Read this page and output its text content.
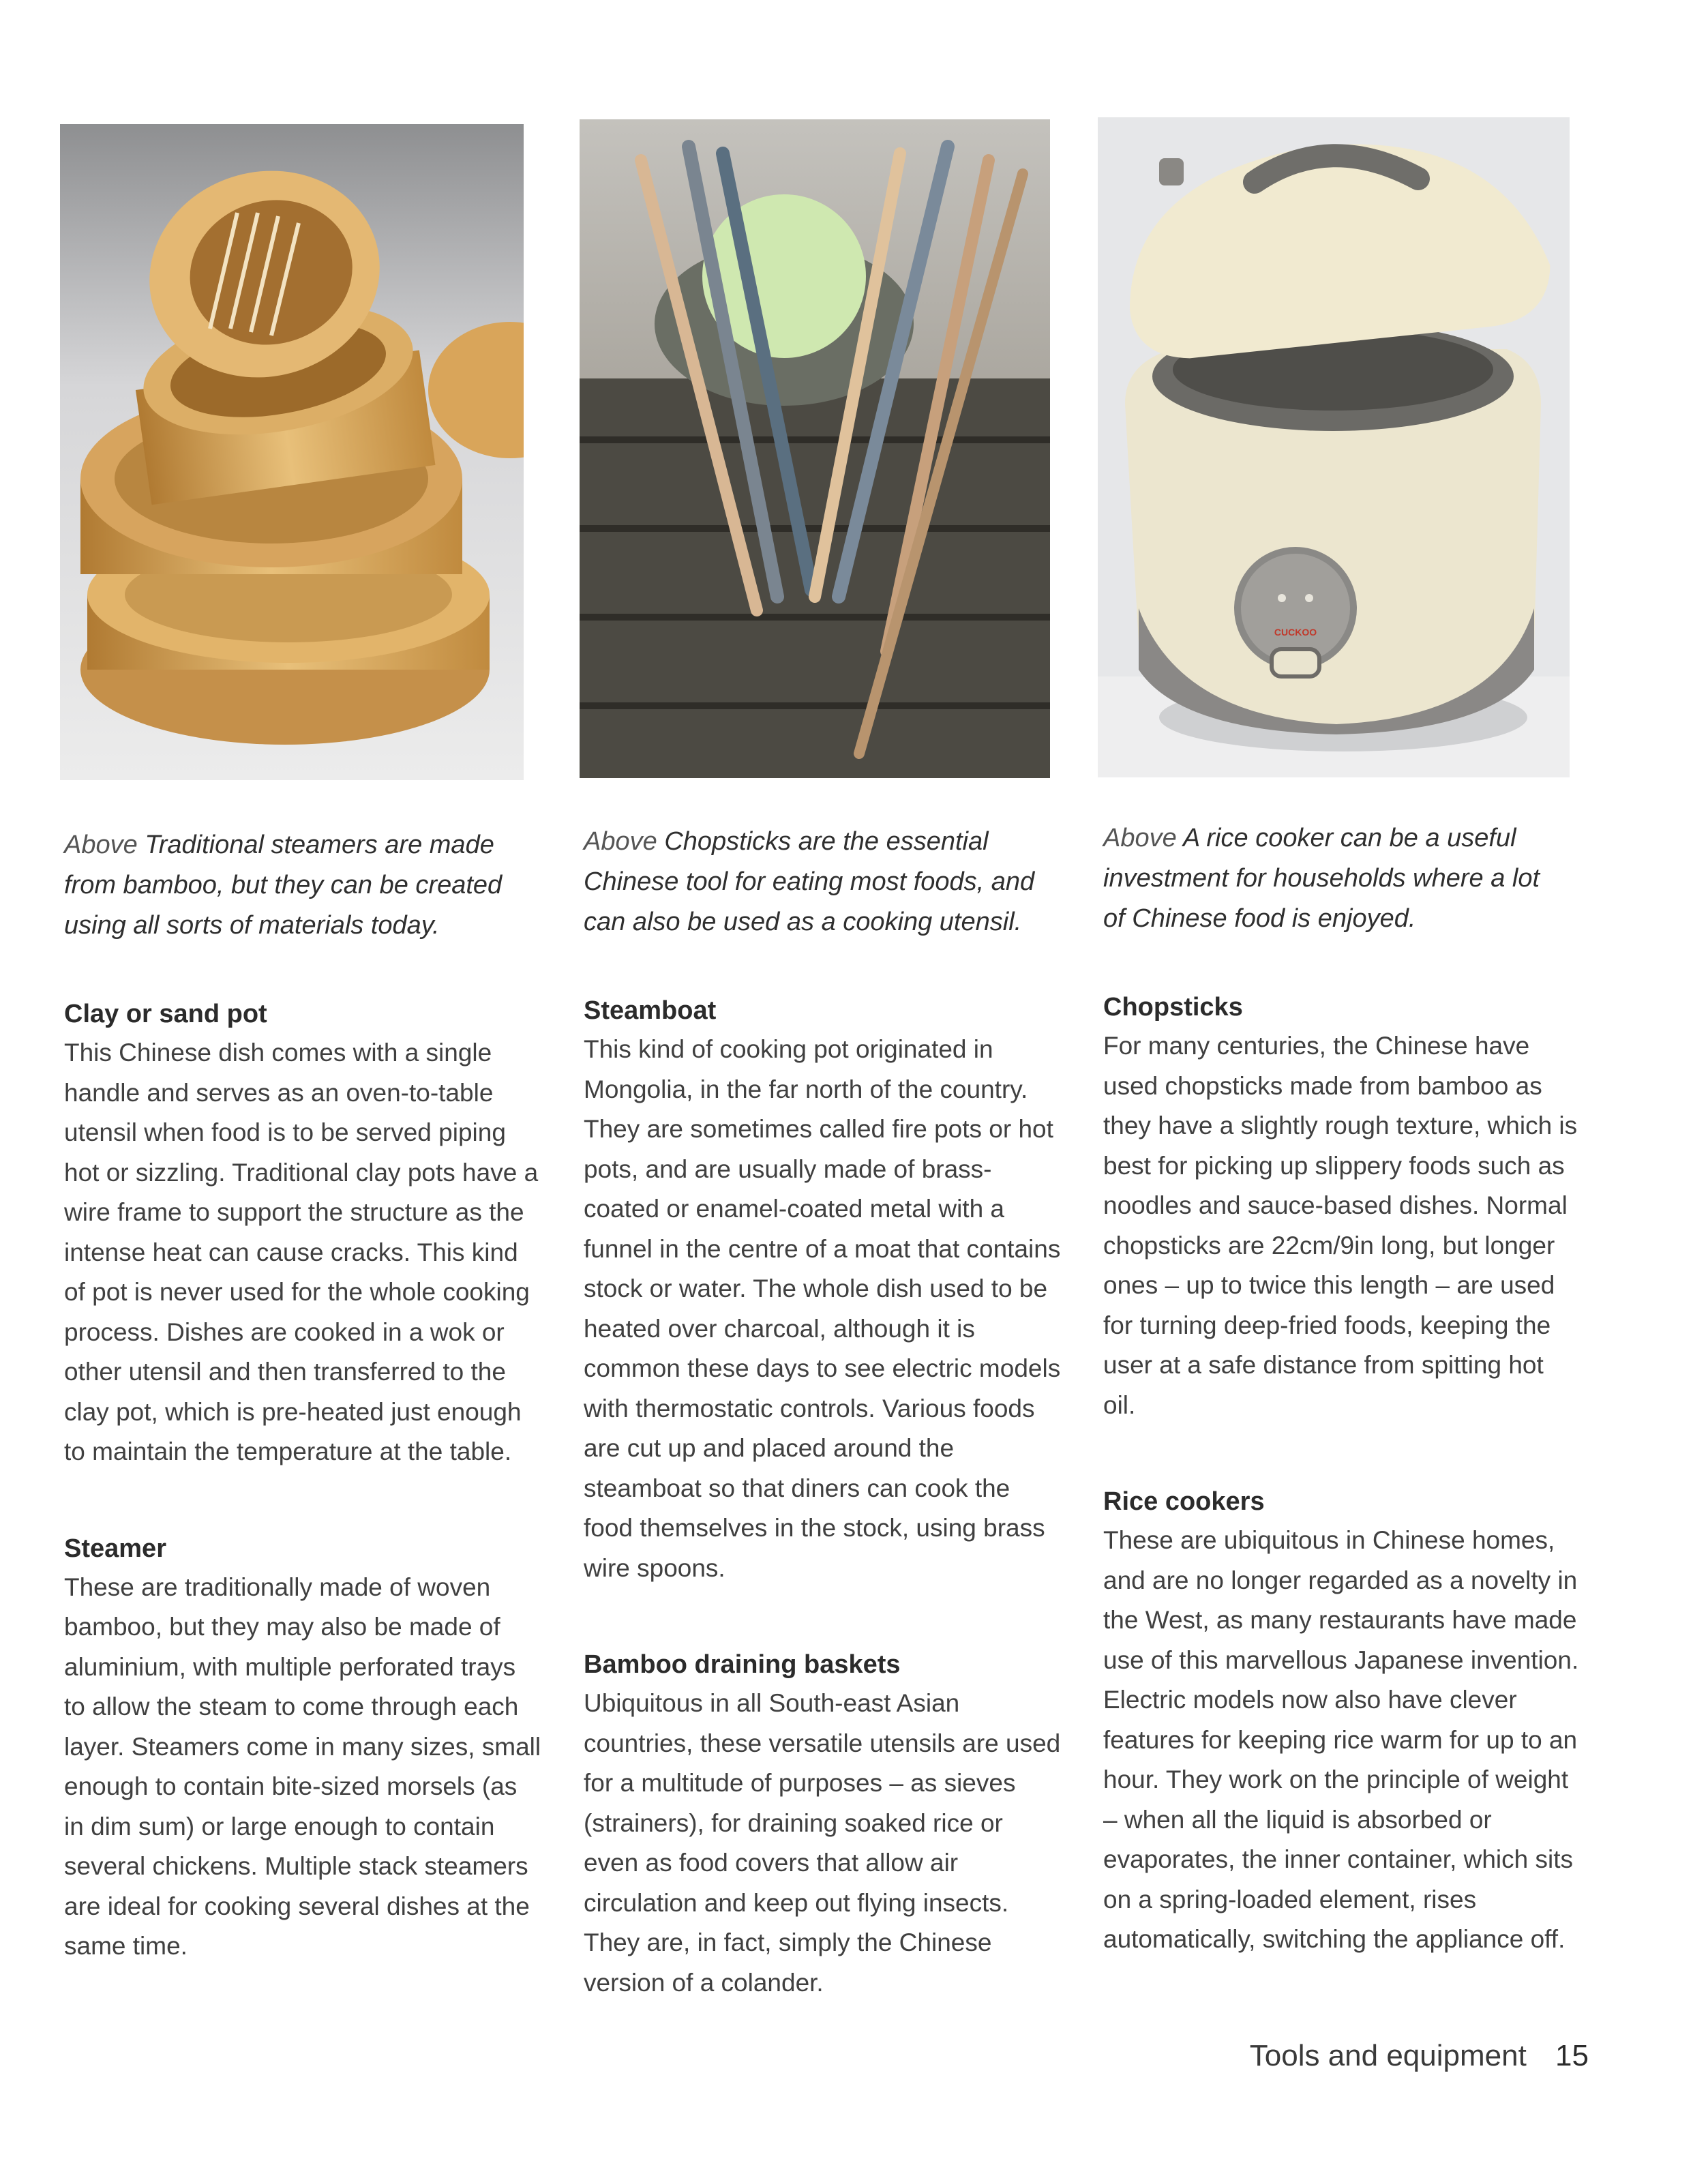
CUCKOO

Above Traditional steamers are made from bamboo, but they can be created using all sorts of materials today.

Clay or sand pot

This Chinese dish comes with a single handle and serves as an oven-to-table utensil when food is to be served piping hot or sizzling. Traditional clay pots have a wire frame to support the structure as the intense heat can cause cracks. This kind of pot is never used for the whole cooking process. Dishes are cooked in a wok or other utensil and then transferred to the clay pot, which is pre-heated just enough to maintain the temperature at the table.

Steamer

These are traditionally made of woven bamboo, but they may also be made of aluminium, with multiple perforated trays to allow the steam to come through each layer. Steamers come in many sizes, small enough to contain bite-sized morsels (as in dim sum) or large enough to contain several chickens. Multiple stack steamers are ideal for cooking several dishes at the same time.

Above Chopsticks are the essential Chinese tool for eating most foods, and can also be used as a cooking utensil.

Steamboat

This kind of cooking pot originated in Mongolia, in the far north of the country. They are sometimes called fire pots or hot pots, and are usually made of brass-coated or enamel-coated metal with a funnel in the centre of a moat that contains stock or water. The whole dish used to be heated over charcoal, although it is common these days to see electric models with thermostatic controls. Various foods are cut up and placed around the steamboat so that diners can cook the food themselves in the stock, using brass wire spoons.

Bamboo draining baskets

Ubiquitous in all South-east Asian countries, these versatile utensils are used for a multitude of purposes – as sieves (strainers), for draining soaked rice or even as food covers that allow air circulation and keep out flying insects. They are, in fact, simply the Chinese version of a colander.

Above A rice cooker can be a useful investment for households where a lot of Chinese food is enjoyed.

Chopsticks

For many centuries, the Chinese have used chopsticks made from bamboo as they have a slightly rough texture, which is best for picking up slippery foods such as noodles and sauce-based dishes. Normal chopsticks are 22cm/9in long, but longer ones – up to twice this length – are used for turning deep-fried foods, keeping the user at a safe distance from spitting hot oil.

Rice cookers

These are ubiquitous in Chinese homes, and are no longer regarded as a novelty in the West, as many restaurants have made use of this marvellous Japanese invention. Electric models now also have clever features for keeping rice warm for up to an hour. They work on the principle of weight – when all the liquid is absorbed or evaporates, the inner container, which sits on a spring-loaded element, rises automatically, switching the appliance off.

Tools and equipment 15
